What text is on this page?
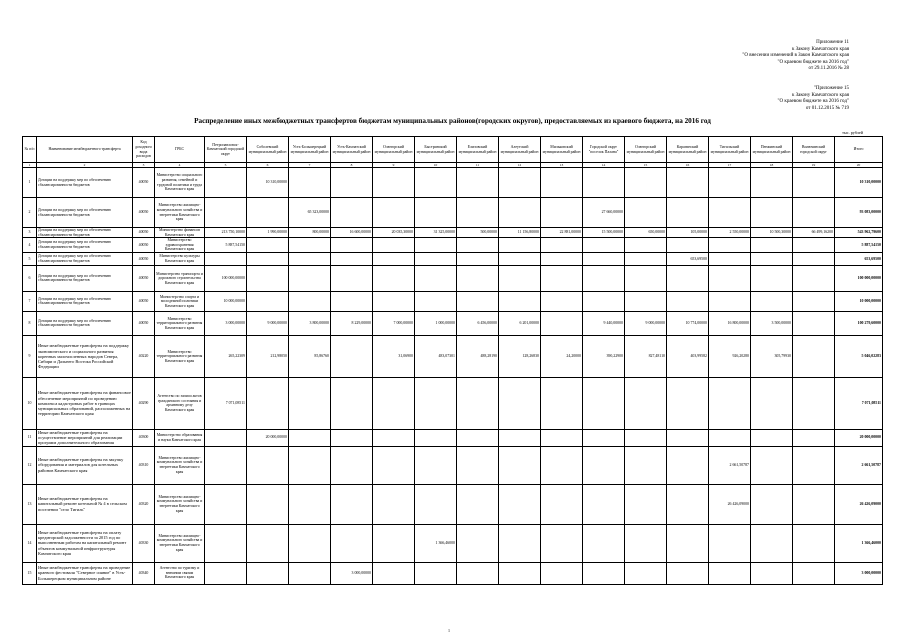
Приложение 11
к Закону Камчатского края
"О внесении изменений в Закон Камчатского края
"О краевом бюджете на 2016 год"
от 29.11.2016 № 28
"Приложение 15
к Закону Камчатского края
"О краевом бюджете на 2016 год"
от 01.12.2015 № 719
Распределение иных межбюджетных трансфертов бюджетам муниципальных районов(городских округов), предоставляемых из краевого бюджета, на 2016 год
тыс. рублей
№ п/п	Наименование межбюджетного трансферта	Код доходного вида расходов	ГРБС	Петропавловск-Камчатский городской округ	Соболевский муниципальный район	Усть-Большерецкий муниципальный район	Усть-Камчатский муниципальный район	Олюторский муниципальный район	Быстринский муниципальный район	Елизовский муниципальный район	Алеутский муниципальный район	Мильковский муниципальный район	Городской округ "поселок Палана"	Олюторский муниципальный район	Карагинский муниципальный район	Тигильский муниципальный район	Пенжинский муниципальный район	Вилючинский городской округ	Итого
1	2	3	4	5	6	7	8	9	10	11	12	13	14	15	16	17	18	19	20
1	Дотации на поддержку мер по обеспечению сбалансированности бюджетов	40050	Министерство социального развития, семейной и трудовой политики и труда Камчатского края		10 310,00000														10 310,00000
2	Дотации на поддержку мер по обеспечению сбалансированности бюджетов	40050	Министерство жилищно-коммунального хозяйства и энергетики Камчатского края			65 323,00000							27 660,00000						93 083,00000
3	Дотации на поддержку мер по обеспечению сбалансированности бюджетов	40050	Министерство финансов Камчатского края	213 750,10000	1 990,00000	800,00000	16 600,00000	20 035,30000	31 325,00000	500,00000	11 156,80000	22 881,00000	15 500,00000	650,00000	105,00000	2 550,00000	10 500,30000	66 499,16200	543 962,79600
4	Дотации на поддержку мер по обеспечению сбалансированности бюджетов	40050	Министерство здравоохранения Камчатского края	5 887,54150															5 887,54150
5	Дотации на поддержку мер по обеспечению сбалансированности бюджетов	40050	Министерство культуры Камчатского края												653,69500				653,69500
6	Дотации на поддержку мер по обеспечению сбалансированности бюджетов	40050	Министерство транспорта и дорожного строительства Камчатского края	100 000,00000															100 000,00000
7	Дотации на поддержку мер по обеспечению сбалансированности бюджетов	40050	Министерство спорта и молодежной политики Камчатского края	10 000,00000															10 000,00000
8	Дотации на поддержку мер по обеспечению сбалансированности бюджетов	40050	Министерство территориального развития Камчатского края	3 000,00000	9 000,00000	3 800,00000	8 229,00000	7 000,00000	1 000,00000	6 456,00000	6 201,00000		9 440,00000	9 000,00000	10 774,00000	16 800,00000	3 500,00000		100 279,60000
9	Иные межбюджетные трансферты на поддержку экономического и социального развития коренных малочисленных народов Севера, Сибири и Дальнего Востока Российской Федерации	40220	Министерство территориального развития Камчатского края	265,22309	212,98050	85,86760		31,06900	483,07301	488,28190	128,26830	24,20000	390,22900	827,48110	403,99582	926,20280	305,79930		5 046,02283
10	Иные межбюджетные трансферты на финансовое обеспечение мероприятий по проведению комплекса кадастровых работ в границах муниципальных образований, расположенных на территории Камчатского края	40290	Агентство по записи актов гражданского состояния и архивному делу Камчатского края	7 071,08511															7 071,08511
11	Иные межбюджетные трансферты на осуществление мероприятий для реализации программ дополнительного образования	40300	Министерство образования и науки Камчатского края		20 000,00000														20 000,00000
12	Иные межбюджетные трансферты на закупку оборудования и материалов для котельных районов Камчатского края	40310	Министерство жилищно-коммунального хозяйства и энергетики Камчатского края													2 661,50787			2 661,50787
13	Иные межбюджетные трансферты на капитальный ремонт котельной № 4 в сельском поселении "село Тигиль"	40320	Министерство жилищно-коммунального хозяйства и энергетики Камчатского края													26 426,09000			26 426,09000
14	Иные межбюджетные трансферты на оплату кредиторской задолженности за 2015 год по выполненным работам на капитальный ремонт объектов коммунальной инфраструктуры Камчатского края	40330	Министерство жилищно-коммунального хозяйства и энергетики Камчатского края						1 366,46000										1 366,46000
15	Иные межбюджетные трансферты на проведение краевого фестиваля "Северное сияние" в Усть-Большерецком муниципальном районе	40340	Агентство по туризму и внешним связям Камчатского края				3 000,00000												3 000,00000
1
